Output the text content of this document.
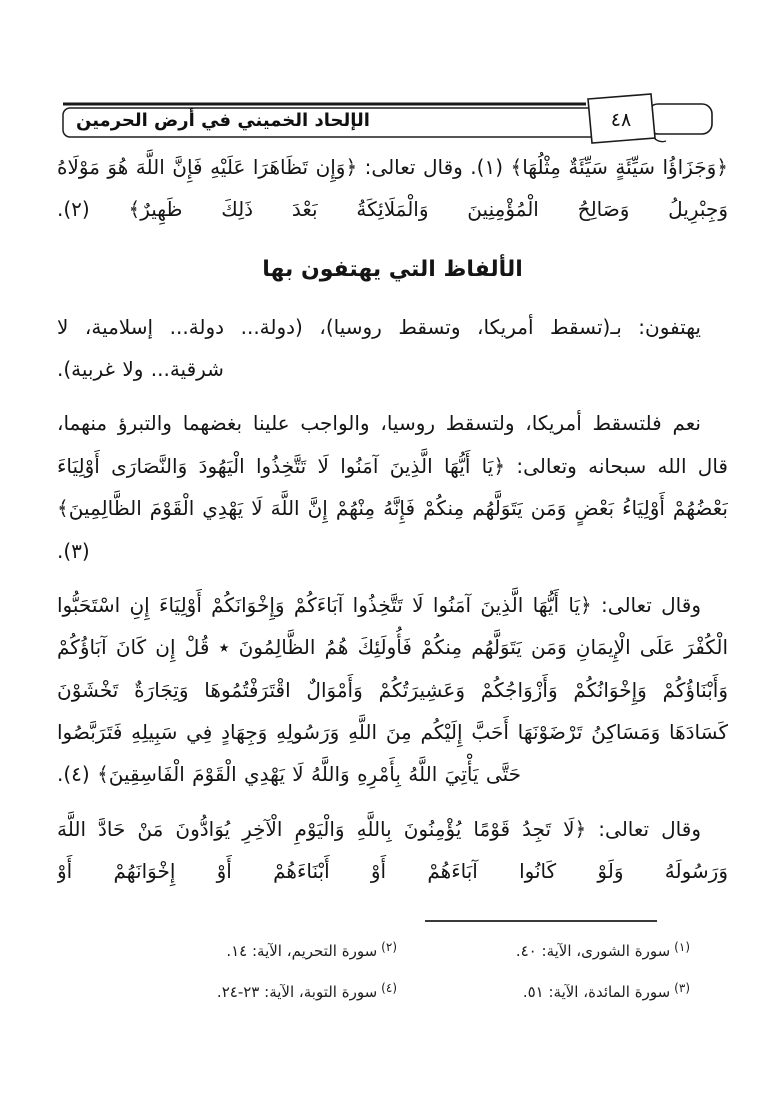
٤٨
الإلحاد الخميني في أرض الحرمين

﴿وَجَزَاؤُا سَيِّئَةٍ سَيِّئَةٌ مِثْلُهَا﴾ (١). وقال تعالى: ﴿وَإِن تَظَاهَرَا عَلَيْهِ فَإِنَّ اللَّهَ هُوَ مَوْلَاهُ وَجِبْرِيلُ وَصَالِحُ الْمُؤْمِنِينَ وَالْمَلَائِكَةُ بَعْدَ ذَلِكَ ظَهِيرٌ﴾ (٢).

الألفاظ التي يهتفون بها

يهتفون: بـ(تسقط أمريكا، وتسقط روسيا)، (دولة... دولة... إسلامية، لا شرقية... ولا غربية).

نعم فلتسقط أمريكا، ولتسقط روسيا، والواجب علينا بغضهما والتبرؤ منهما، قال الله سبحانه وتعالى: ﴿يَا أَيُّهَا الَّذِينَ آمَنُوا لَا تَتَّخِذُوا الْيَهُودَ وَالنَّصَارَى أَوْلِيَاءَ بَعْضُهُمْ أَوْلِيَاءُ بَعْضٍ وَمَن يَتَوَلَّهُم مِنكُمْ فَإِنَّهُ مِنْهُمْ إِنَّ اللَّهَ لَا يَهْدِي الْقَوْمَ الظَّالِمِينَ﴾ (٣).

وقال تعالى: ﴿يَا أَيُّهَا الَّذِينَ آمَنُوا لَا تَتَّخِذُوا آبَاءَكُمْ وَإِخْوَانَكُمْ أَوْلِيَاءَ إِنِ اسْتَحَبُّوا الْكُفْرَ عَلَى الْإِيمَانِ وَمَن يَتَوَلَّهُم مِنكُمْ فَأُولَئِكَ هُمُ الظَّالِمُونَ ٭ قُلْ إِن كَانَ آبَاؤُكُمْ وَأَبْنَاؤُكُمْ وَإِخْوَانُكُمْ وَأَزْوَاجُكُمْ وَعَشِيرَتُكُمْ وَأَمْوَالٌ اقْتَرَفْتُمُوهَا وَتِجَارَةٌ تَخْشَوْنَ كَسَادَهَا وَمَسَاكِنُ تَرْضَوْنَهَا أَحَبَّ إِلَيْكُم مِنَ اللَّهِ وَرَسُولِهِ وَجِهَادٍ فِي سَبِيلِهِ فَتَرَبَّصُوا حَتَّى يَأْتِيَ اللَّهُ بِأَمْرِهِ وَاللَّهُ لَا يَهْدِي الْقَوْمَ الْفَاسِقِينَ﴾ (٤).

وقال تعالى: ﴿لَا تَجِدُ قَوْمًا يُؤْمِنُونَ بِاللَّهِ وَالْيَوْمِ الْآخِرِ يُوَادُّونَ مَنْ حَادَّ اللَّهَ وَرَسُولَهُ وَلَوْ كَانُوا آبَاءَهُمْ أَوْ أَبْنَاءَهُمْ أَوْ إِخْوَانَهُمْ أَوْ

$^{(١)}$سورة الشورى، الآية: ٤٠.
$^{(٢)}$سورة التحريم، الآية: ١٤.
$^{(٣)}$سورة المائدة، الآية: ٥١.
$^{(٤)}$سورة التوبة، الآية: ٢٣-٢٤.
